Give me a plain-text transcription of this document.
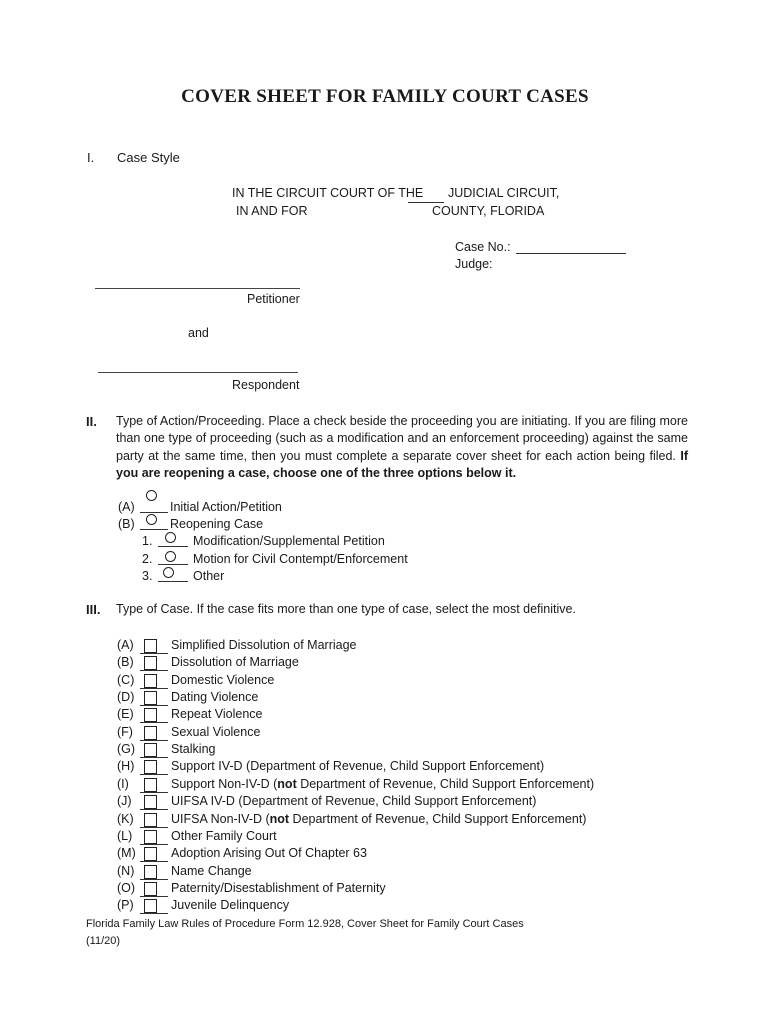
COVER SHEET FOR FAMILY COURT CASES
I. Case Style
IN THE CIRCUIT COURT OF THE JUDICIAL CIRCUIT,
IN AND FOR	COUNTY, FLORIDA
Case No.:
Judge:
Petitioner
and
Respondent
II. Type of Action/Proceeding. Place a check beside the proceeding you are initiating. If you are filing more than one type of proceeding (such as a modification and an enforcement proceeding) against the same party at the same time, then you must complete a separate cover sheet for each action being filed. If you are reopening a case, choose one of the three options below it.
(A)	Initial Action/Petition
(B)	Reopening Case
1.	Modification/Supplemental Petition
2.	Motion for Civil Contempt/Enforcement
3.	Other
III. Type of Case. If the case fits more than one type of case, select the most definitive.
(A)	Simplified Dissolution of Marriage
(B)	Dissolution of Marriage
(C)	Domestic Violence
(D)	Dating Violence
(E)	Repeat Violence
(F)	Sexual Violence
(G)	Stalking
(H)	Support IV-D (Department of Revenue, Child Support Enforcement)
(I)	Support Non-IV-D (not Department of Revenue, Child Support Enforcement)
(J)	UIFSA IV-D (Department of Revenue, Child Support Enforcement)
(K)	UIFSA Non-IV-D (not Department of Revenue, Child Support Enforcement)
(L)	Other Family Court
(M)	Adoption Arising Out Of Chapter 63
(N)	Name Change
(O)	Paternity/Disestablishment of Paternity
(P)	Juvenile Delinquency
Florida Family Law Rules of Procedure Form 12.928, Cover Sheet for Family Court Cases
(11/20)
